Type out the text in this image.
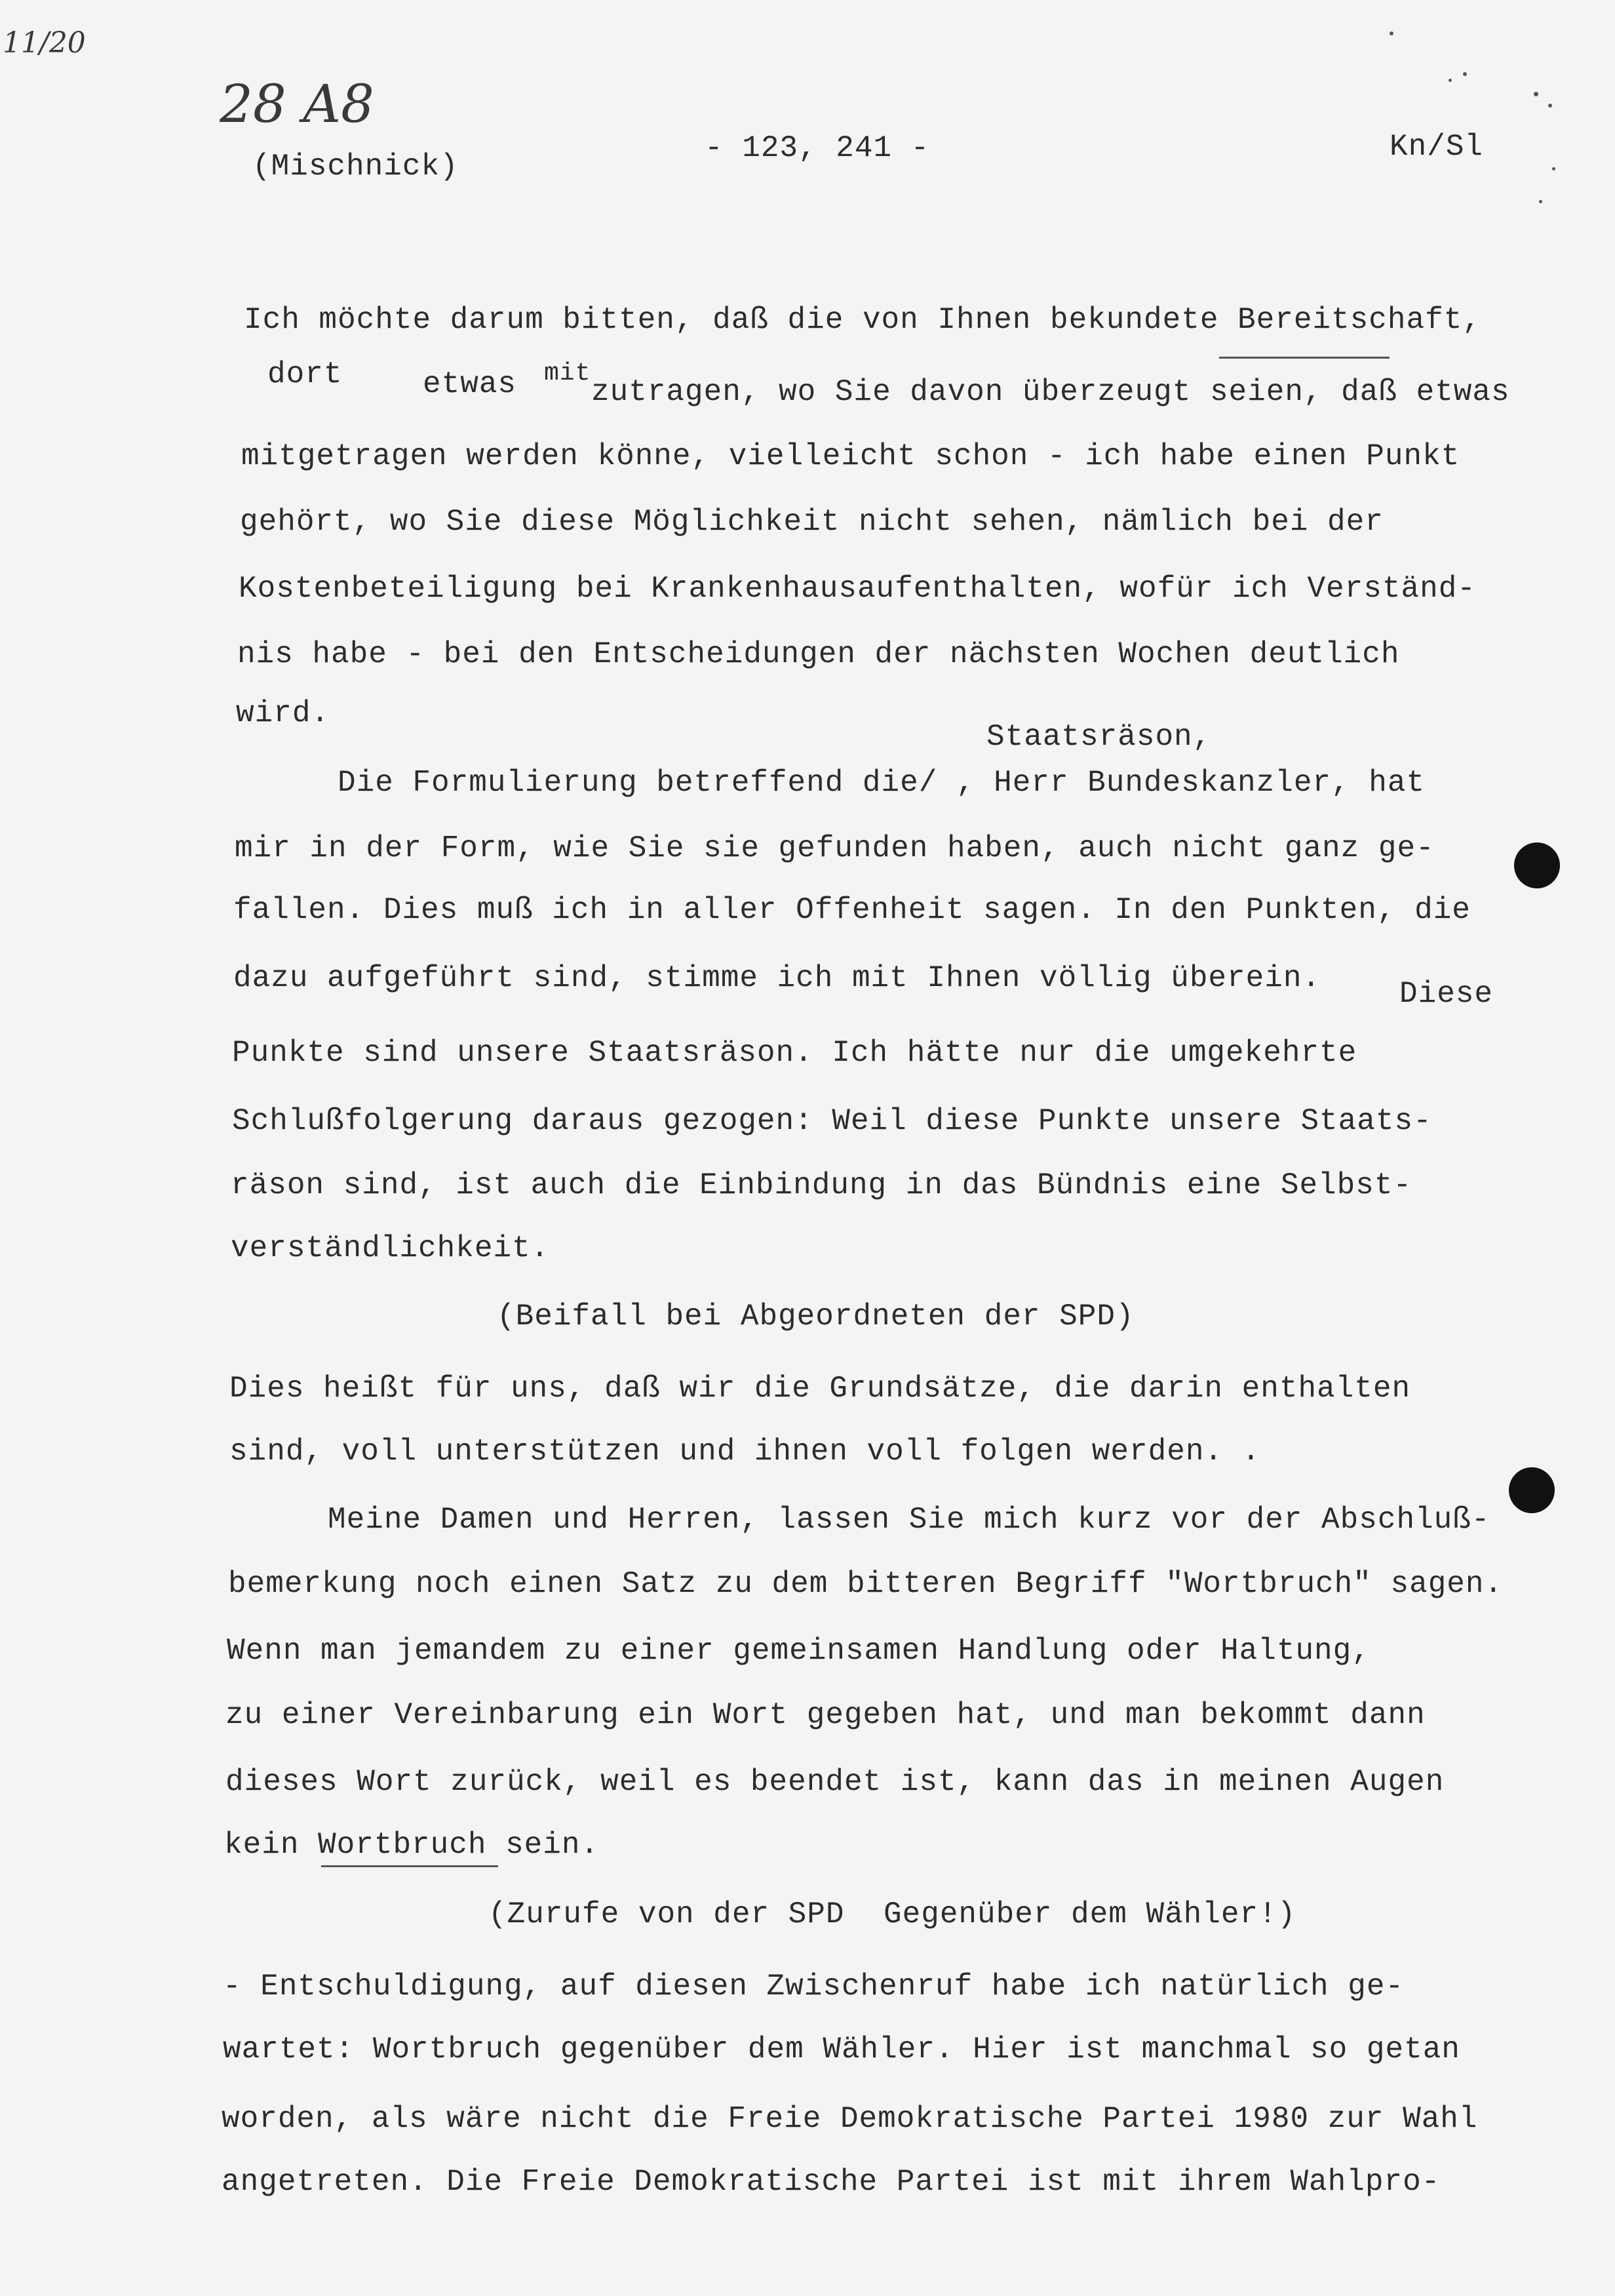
11/20
28 A8
(Mischnick)
- 123, 241 -	Kn/Sl
Ich möchte darum bitten, daß die von Ihnen bekundete Bereitschaft,
dort	etwas mit
zutragen, wo Sie davon überzeugt seien, daß etwas
mitgetragen werden könne, vielleicht schon - ich habe einen Punkt
gehört, wo Sie diese Möglichkeit nicht sehen, nämlich bei der
Kostenbeteiligung bei Krankenhausaufenthalten, wofür ich Verständ-
nis habe - bei den Entscheidungen der nächsten Wochen deutlich
wird.
Staatsräson,
Die Formulierung betreffend die/ , Herr Bundeskanzler, hat
mir in der Form, wie Sie sie gefunden haben, auch nicht ganz ge-
fallen. Dies muß ich in aller Offenheit sagen. In den Punkten, die
dazu aufgeführt sind, stimme ich mit Ihnen völlig überein.	Diese
Punkte sind unsere Staatsräson. Ich hätte nur die umgekehrte
Schlußfolgerung daraus gezogen: Weil diese Punkte unsere Staats-
räson sind, ist auch die Einbindung in das Bündnis eine Selbst-
verständlichkeit.
(Beifall bei Abgeordneten der SPD)
Dies heißt für uns, daß wir die Grundsätze, die darin enthalten
sind, voll unterstützen und ihnen voll folgen werden. .
Meine Damen und Herren, lassen Sie mich kurz vor der Abschluß-
bemerkung noch einen Satz zu dem bitteren Begriff "Wortbruch" sagen.
Wenn man jemandem zu einer gemeinsamen Handlung oder Haltung,
zu einer Vereinbarung ein Wort gegeben hat, und man bekommt dann
dieses Wort zurück, weil es beendet ist, kann das in meinen Augen
kein Wortbruch sein.
(Zurufe von der SPD Gegenüber dem Wähler!)
- Entschuldigung, auf diesen Zwischenruf habe ich natürlich ge-
wartet: Wortbruch gegenüber dem Wähler. Hier ist manchmal so getan
worden, als wäre nicht die Freie Demokratische Partei 1980 zur Wahl
angetreten. Die Freie Demokratische Partei ist mit ihrem Wahlpro-
